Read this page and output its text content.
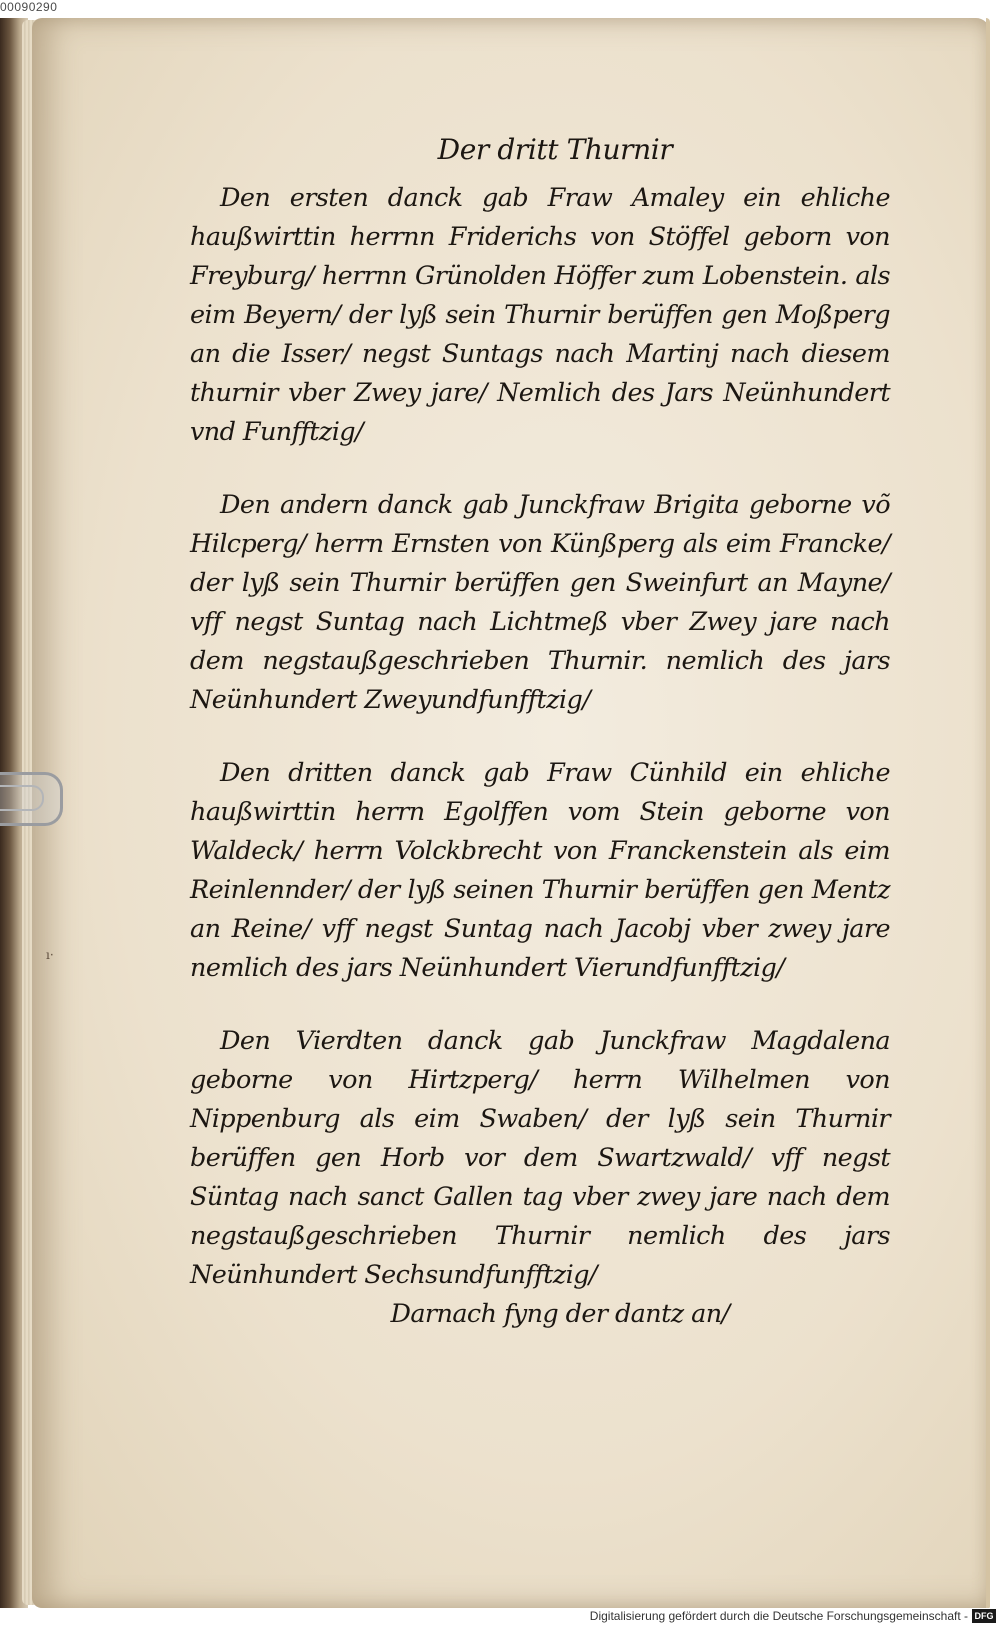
00090290
ı‧
Der dritt Thurnir

Den ersten danck gab Fraw Amaley ein ehliche haußwirttin herrnn Friderichs von Stöffel geborn von Freyburg/ herrnn Grünolden Höffer zum Lobenstein. als eim Beyern/ der lyß sein Thurnir berüffen gen Moßperg an die Isser/ negst Suntags nach Martinj nach diesem thurnir vber Zwey jare/ Nemlich des Jars Neünhundert vnd Funfftzig/

Den andern danck gab Junckfraw Brigita geborne võ Hilcperg/ herrn Ernsten von Künßperg als eim Francke/ der lyß sein Thurnir berüffen gen Sweinfurt an Mayne/ vff negst Suntag nach Lichtmeß vber Zwey jare nach dem negstaußgeschrieben Thurnir. nemlich des jars Neünhundert Zweyundfunfftzig/

Den dritten danck gab Fraw Cünhild ein ehliche haußwirttin herrn Egolffen vom Stein geborne von Waldeck/ herrn Volckbrecht von Franckenstein als eim Reinlennder/ der lyß seinen Thurnir berüffen gen Mentz an Reine/ vff negst Suntag nach Jacobj vber zwey jare nemlich des jars Neünhundert Vierundfunfftzig/

Den Vierdten danck gab Junckfraw Magdalena geborne von Hirtzperg/ herrn Wilhelmen von Nippenburg als eim Swaben/ der lyß sein Thurnir berüffen gen Horb vor dem Swartzwald/ vff negst Süntag nach sanct Gallen tag vber zwey jare nach dem negstaußgeschrieben Thurnir nemlich des jars Neünhundert Sechsundfunfftzig/

Darnach fyng der dantz an/
Digitalisierung gefördert durch die Deutsche Forschungsgemeinschaft - DFG
